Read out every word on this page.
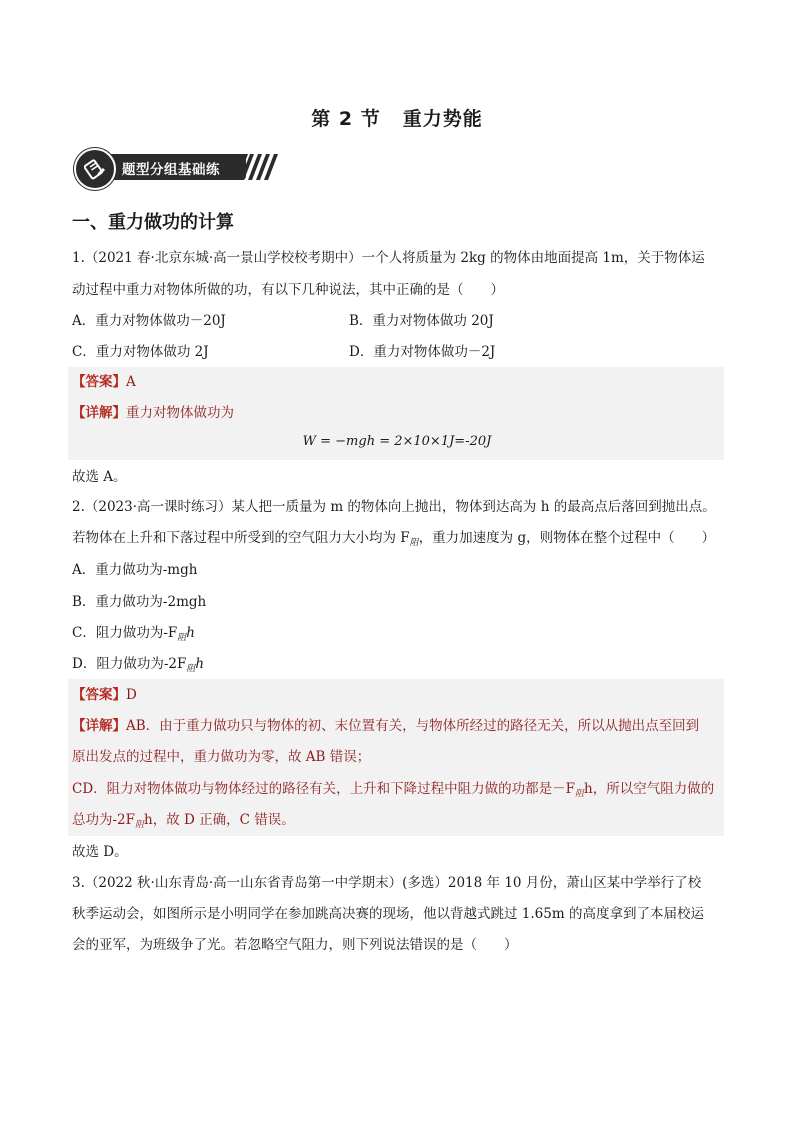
第 2 节 重力势能
题型分组基础练
一、重力做功的计算
1.（2021 春·北京东城·高一景山学校校考期中）一个人将质量为 2kg 的物体由地面提高 1m，关于物体运
动过程中重力对物体所做的功，有以下几种说法，其中正确的是（　　）
A．重力对物体做功－20J	B．重力对物体做功 20J
C．重力对物体做功 2J	D．重力对物体做功－2J
【答案】A
【详解】重力对物体做功为
W = −mgh = 2×10×1J=-20J
故选 A。
2.（2023·高一课时练习）某人把一质量为 m 的物体向上抛出，物体到达高为 h 的最高点后落回到抛出点。
若物体在上升和下落过程中所受到的空气阻力大小均为 $F_阻$，重力加速度为 g，则物体在整个过程中（　　）
A．重力做功为-mgh
B．重力做功为-2mgh
C．阻力做功为$-F_阻h$
D．阻力做功为$-2F_阻h$
【答案】D
【详解】AB．由于重力做功只与物体的初、末位置有关，与物体所经过的路径无关，所以从抛出点至回到
原出发点的过程中，重力做功为零，故 AB 错误；
CD．阻力对物体做功与物体经过的路径有关，上升和下降过程中阻力做的功都是$-F_阻h$，所以空气阻力做的
总功为$-2F_阻h$，故 D 正确，C 错误。
故选 D。
3.（2022 秋·山东青岛·高一山东省青岛第一中学期末）(多选）2018 年 10 月份，萧山区某中学举行了校
秋季运动会，如图所示是小明同学在参加跳高决赛的现场，他以背越式跳过 1.65m 的高度拿到了本届校运
会的亚军，为班级争了光。若忽略空气阻力，则下列说法错误的是（　　）
